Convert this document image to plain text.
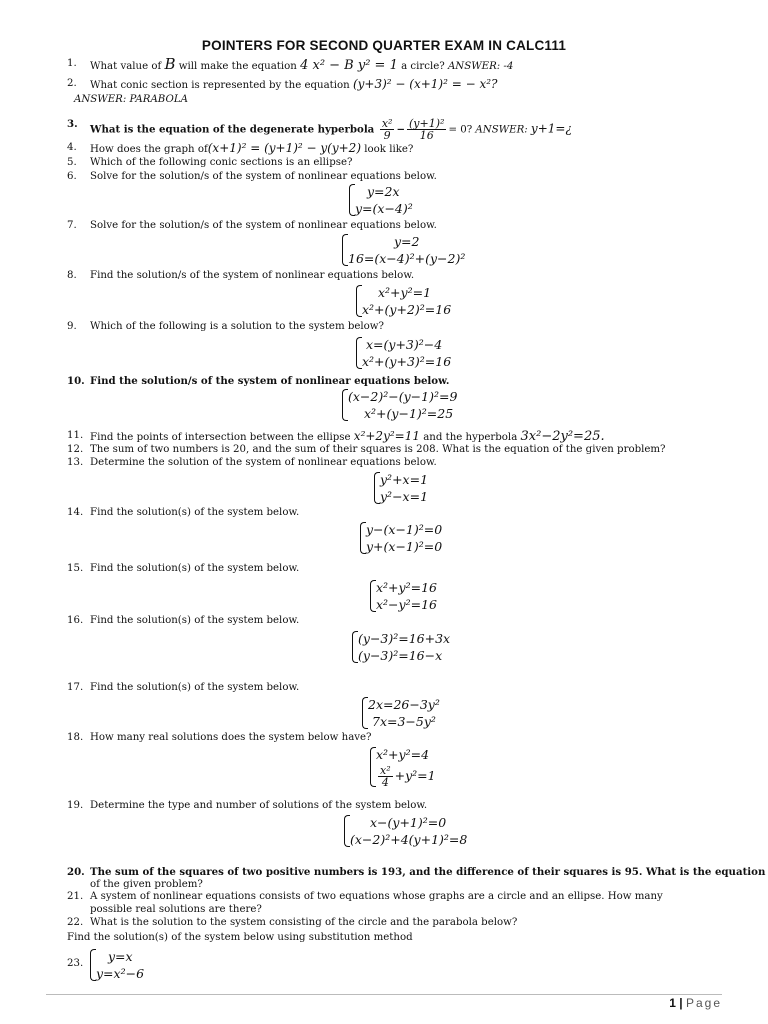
POINTERS FOR SECOND QUARTER EXAM IN CALC111
1. What value of B will make the equation 4 x² − B y² = 1 a circle? ANSWER: -4
2. What conic section is represented by the equation (y+3)² − (x+1)² = − x²?
ANSWER: PARABOLA
3. What is the equation of the degenerate hyperbola $\frac{\text{x²}}{9} - \frac{\text{(y+1)²}}{16} = 0$? ANSWER: y+1=¿
4. How does the graph of(x+1)² = (y+1)² − y(y+2) look like?
5. Which of the following conic sections is an ellipse?
6. Solve for the solution/s of the system of nonlinear equations below.
y=2x
y=(x−4)²
7. Solve for the solution/s of the system of nonlinear equations below.
y=2
16=(x−4)²+(y−2)²
8. Find the solution/s of the system of nonlinear equations below.
x²+y²=1
x²+(y+2)²=16
9. Which of the following is a solution to the system below?
x=(y+3)²−4
x²+(y+3)²=16
10. Find the solution/s of the system of nonlinear equations below.
(x−2)²−(y−1)²=9
x²+(y−1)²=25
11. Find the points of intersection between the ellipse x²+2y²=11 and the hyperbola 3x²−2y²=25.
12. The sum of two numbers is 20, and the sum of their squares is 208. What is the equation of the given problem?
13. Determine the solution of the system of nonlinear equations below.
y²+x=1
y²−x=1
14. Find the solution(s) of the system below.
y−(x−1)²=0
y+(x−1)²=0
15. Find the solution(s) of the system below.
x²+y²=16
x²−y²=16
16. Find the solution(s) of the system below.
(y−3)²=16+3x
(y−3)²=16−x
17. Find the solution(s) of the system below.
2x=26−3y²
7x=3−5y²
18. How many real solutions does the system below have?
x²+y²=4
$\frac{\text{x²}}{4} +y^2=1$
19. Determine the type and number of solutions of the system below.
x−(y+1)²=0
(x−2)²+4(y+1)²=8
20. The sum of the squares of two positive numbers is 193, and the difference of their squares is 95. What is the equation
of the given problem?
21. A system of nonlinear equations consists of two equations whose graphs are a circle and an ellipse. How many
possible real solutions are there?
22. What is the solution to the system consisting of the circle and the parabola below?
Find the solution(s) of the system below using substitution method
23.	y=x
y=x²−6
1 | Page
